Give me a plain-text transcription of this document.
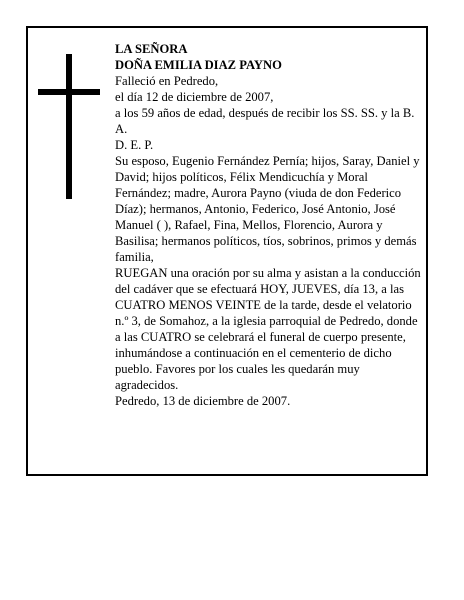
LA SEÑORA

DOÑA EMILIA DIAZ PAYNO

Falleció en Pedredo,

el día 12 de diciembre de 2007,

a los 59 años de edad, después de recibir los SS. SS. y la B. A.

D. E. P.

Su esposo, Eugenio Fernández Pernía; hijos, Saray, Daniel y David; hijos políticos, Félix Mendicuchía y Moral Fernández; madre, Aurora Payno (viuda de don Federico Díaz); hermanos, Antonio, Federico, José Antonio, José Manuel ( ), Rafael, Fina, Mellos, Florencio, Aurora y Basilisa; hermanos políticos, tíos, sobrinos, primos y demás familia,

RUEGAN una oración por su alma y asistan a la conducción del cadáver que se efectuará HOY, JUEVES, día 13, a las CUATRO MENOS VEINTE de la tarde, desde el velatorio n.º 3, de Somahoz, a la iglesia parroquial de Pedredo, donde a las CUATRO se celebrará el funeral de cuerpo presente, inhumándose a continuación en el cementerio de dicho pueblo. Favores por los cuales les quedarán muy agradecidos.

Pedredo, 13 de diciembre de 2007.
